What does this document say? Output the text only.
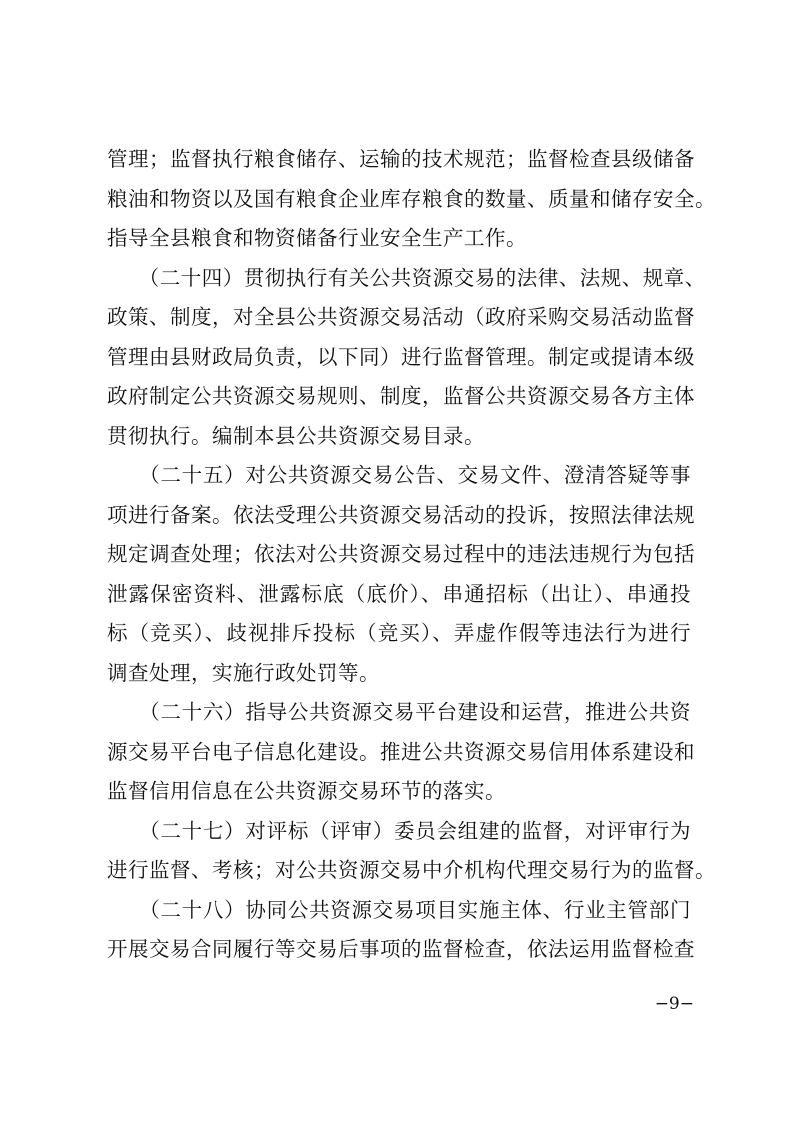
管理；监督执行粮食储存、运输的技术规范；监督检查县级储备
粮油和物资以及国有粮食企业库存粮食的数量、质量和储存安全。
指导全县粮食和物资储备行业安全生产工作。
　　（二十四）贯彻执行有关公共资源交易的法律、法规、规章、
政策、制度，对全县公共资源交易活动（政府采购交易活动监督
管理由县财政局负责，以下同）进行监督管理。制定或提请本级
政府制定公共资源交易规则、制度，监督公共资源交易各方主体
贯彻执行。编制本县公共资源交易目录。
　　（二十五）对公共资源交易公告、交易文件、澄清答疑等事
项进行备案。依法受理公共资源交易活动的投诉，按照法律法规
规定调查处理；依法对公共资源交易过程中的违法违规行为包括
泄露保密资料、泄露标底（底价）、串通招标（出让）、串通投
标（竞买）、歧视排斥投标（竞买）、弄虚作假等违法行为进行
调查处理，实施行政处罚等。
　　（二十六）指导公共资源交易平台建设和运营，推进公共资
源交易平台电子信息化建设。推进公共资源交易信用体系建设和
监督信用信息在公共资源交易环节的落实。
　　（二十七）对评标（评审）委员会组建的监督，对评审行为
进行监督、考核；对公共资源交易中介机构代理交易行为的监督。
　　（二十八）协同公共资源交易项目实施主体、行业主管部门
开展交易合同履行等交易后事项的监督检查，依法运用监督检查
−9−
